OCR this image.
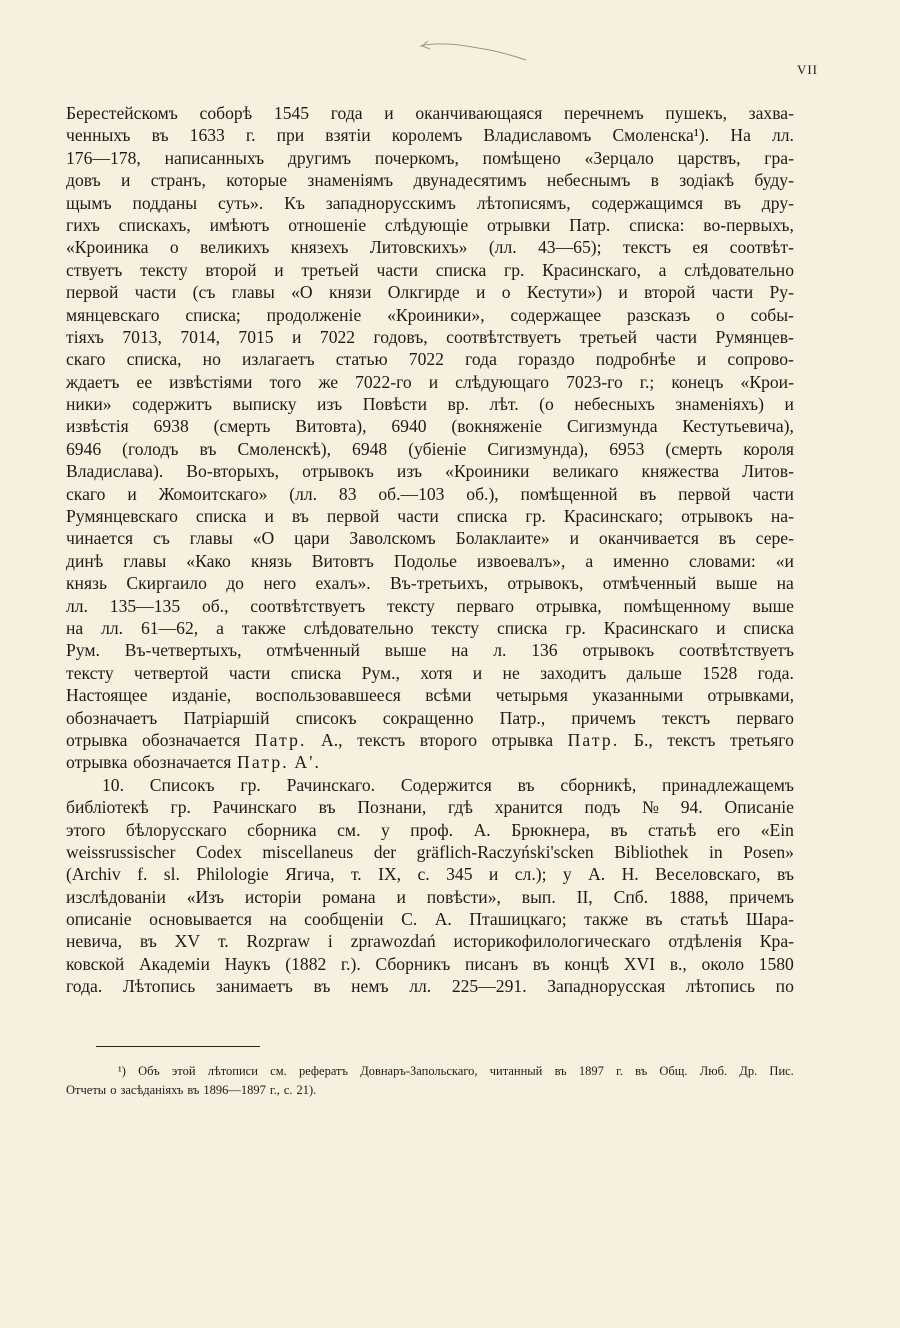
VII
Берестейскомъ соборѣ 1545 года и оканчивающаяся перечнемъ пушекъ, захва-
ченныхъ въ 1633 г. при взятіи королемъ Владиславомъ Смоленска¹). На лл.
176—178, написанныхъ другимъ почеркомъ, помѣщено «Зерцало царствъ, гра-
довъ и странъ, которые знаменіямъ двунадесятимъ небеснымъ в зодіакѣ буду-
щымъ подданы суть». Къ западнорусскимъ лѣтописямъ, содержащимся въ дру-
гихъ спискахъ, имѣютъ отношеніе слѣдующіе отрывки Патр. списка: во-первыхъ,
«Кроиника о великихъ князехъ Литовскихъ» (лл. 43—65); текстъ ея соотвѣт-
ствуетъ тексту второй и третьей части списка гр. Красинскаго, а слѣдовательно
первой части (съ главы «О князи Олкгирде и о Кестути») и второй части Ру-
мянцевскаго списка; продолженіе «Кроиники», содержащее разсказъ о собы-
тіяхъ 7013, 7014, 7015 и 7022 годовъ, соотвѣтствуетъ третьей части Румянцев-
скаго списка, но излагаетъ статью 7022 года гораздо подробнѣе и сопрово-
ждаетъ ее извѣстіями того же 7022-го и слѣдующаго 7023-го г.; конецъ «Крои-
ники» содержитъ выписку изъ Повѣсти вр. лѣт. (о небесныхъ знаменіяхъ) и
извѣстія 6938 (смерть Витовта), 6940 (вокняженіе Сигизмунда Кестутьевича),
6946 (голодъ въ Смоленскѣ), 6948 (убіеніе Сигизмунда), 6953 (смерть короля
Владислава). Во-вторыхъ, отрывокъ изъ «Кроиники великаго княжества Литов-
скаго и Жомоитскаго» (лл. 83 об.—103 об.), помѣщенной въ первой части
Румянцевскаго списка и въ первой части списка гр. Красинскаго; отрывокъ на-
чинается съ главы «О цари Заволскомъ Болаклаите» и оканчивается въ сере-
динѣ главы «Како князь Витовтъ Подолье извоевалъ», а именно словами: «и
князь Скиргаило до него ехалъ». Въ-третьихъ, отрывокъ, отмѣченный выше на
лл. 135—135 об., соотвѣтствуетъ тексту перваго отрывка, помѣщенному выше
на лл. 61—62, а также слѣдовательно тексту списка гр. Красинскаго и списка
Рум. Въ-четвертыхъ, отмѣченный выше на л. 136 отрывокъ соотвѣтствуетъ
тексту четвертой части списка Рум., хотя и не заходитъ дальше 1528 года.
Настоящее изданіе, воспользовавшееся всѣми четырьмя указанными отрывками,
обозначаетъ Патріаршій списокъ сокращенно Патр., причемъ текстъ перваго
отрывка обозначается Патр. А., текстъ второго отрывка Патр. Б., текстъ третьяго
отрывка обозначается Патр. А'.
10. Списокъ гр. Рачинскаго. Содержится въ сборникѣ, принадлежащемъ
библіотекѣ гр. Рачинскаго въ Познани, гдѣ хранится подъ № 94. Описаніе
этого бѣлорусскаго сборника см. у проф. А. Брюкнера, въ статьѣ его «Ein
weissrussischer Codex miscellaneus der gräflich-Raczyński'scken Bibliothek in Posen»
(Archiv f. sl. Philologie Ягича, т. IX, с. 345 и сл.); у А. Н. Веселовскаго, въ
изслѣдованіи «Изъ исторіи романа и повѣсти», вып. II, Спб. 1888, причемъ
описаніе основывается на сообщеніи С. А. Пташицкаго; также въ статьѣ Шара-
невича, въ XV т. Rozpraw i zprawozdań историкофилологическаго отдѣленія Кра-
ковской Академіи Наукъ (1882 г.). Сборникъ писанъ въ концѣ XVI в., около 1580
года. Лѣтопись занимаетъ въ немъ лл. 225—291. Западнорусская лѣтопись по
¹) Объ этой лѣтописи см. рефератъ Довнаръ-Запольскаго, читанный въ 1897 г. въ Общ. Люб. Др. Пис.
Отчеты о засѣданіяхъ въ 1896—1897 г., с. 21).
